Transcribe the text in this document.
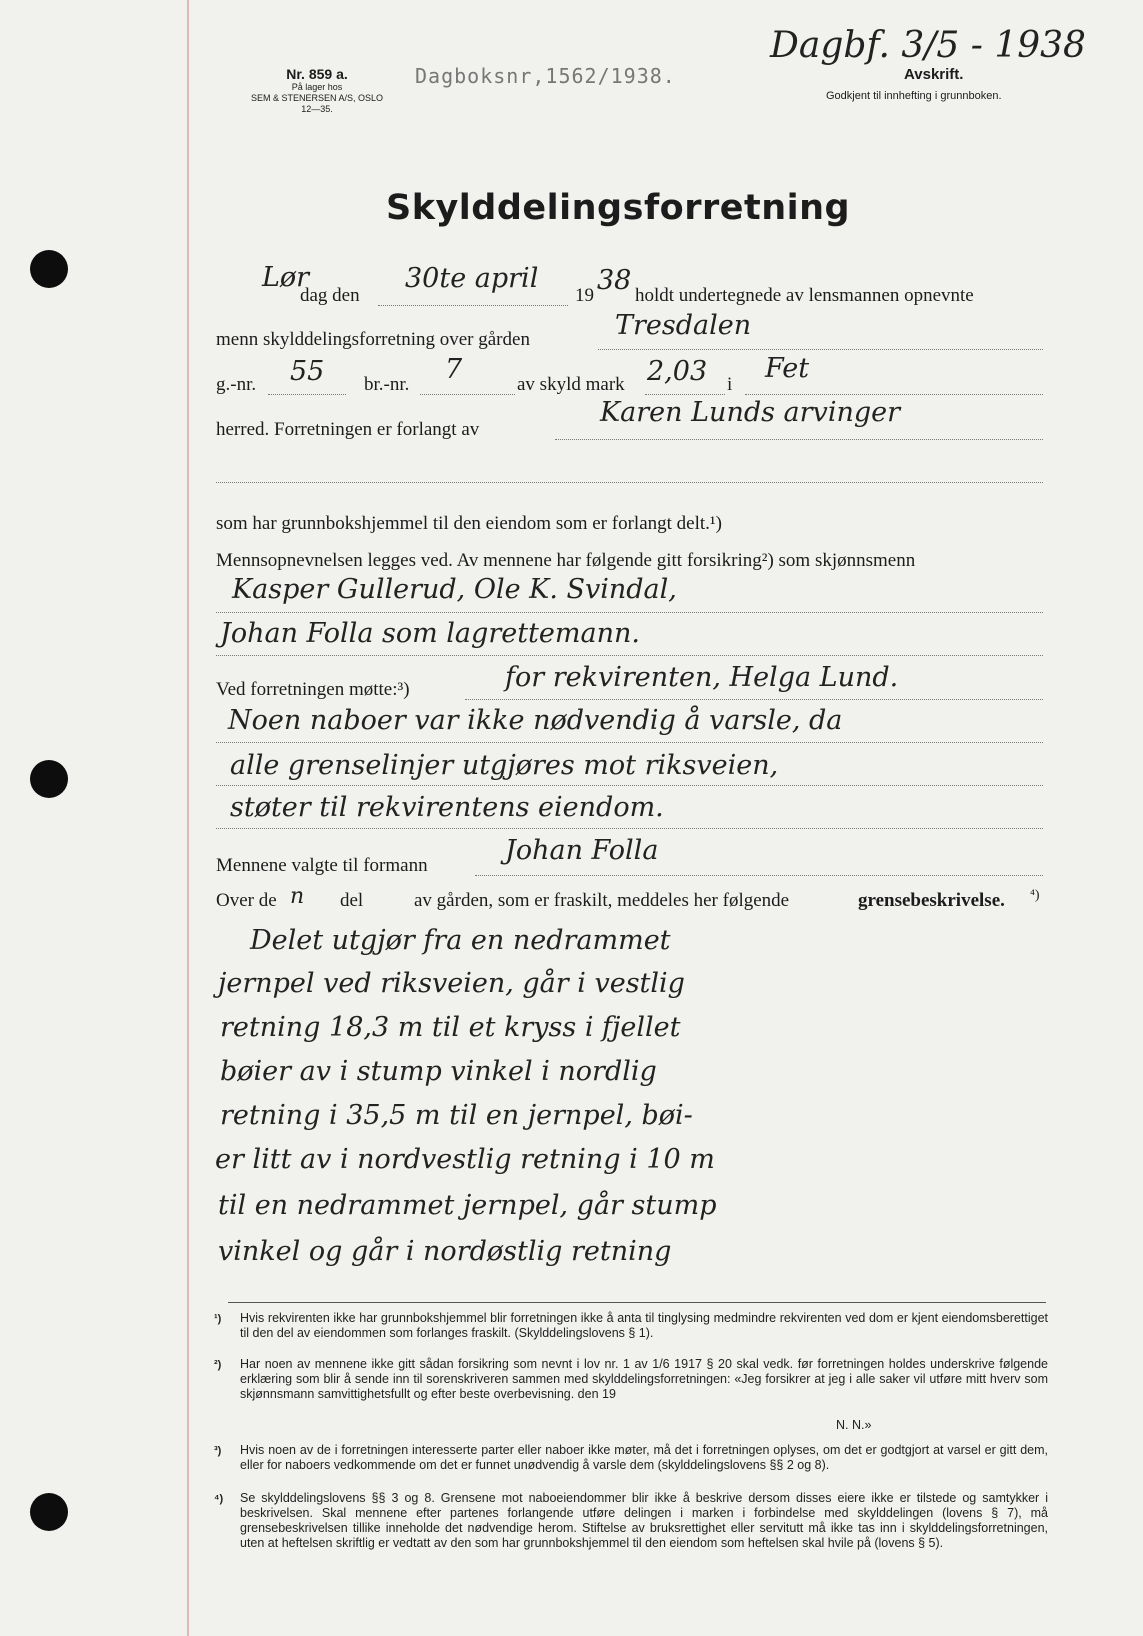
Nr. 859 a.
På lager hos
SEM & STENERSEN A/S, OSLO
12—35.
Dagboksnr,1562/1938.
Dagbf. 3/5 - 1938
Avskrift.
Godkjent til innhefting i grunnboken.
Skylddelingsforretning
Lør
dag den
30te april
19 38 holdt undertegnede av lensmannen opnevnte
menn skylddelingsforretning over gården	Tresdalen
g.-nr. 55 br.-nr. 7	av skyld mark 2,03 i
Fet
herred. Forretningen er forlangt av
Karen Lunds arvinger
som har grunnbokshjemmel til den eiendom som er forlangt delt.¹)
Mennsopnevnelsen legges ved. Av mennene har følgende gitt forsikring²) som skjønnsmenn
Kasper Gullerud, Ole K. Svindal,
Johan Folla som lagrettemann.
Ved forretningen møtte:³)	for rekvirenten, Helga Lund.
Noen naboer var ikke nødvendig å varsle, da
alle grenselinjer utgjøres mot riksveien,
støter til rekvirentens eiendom.
Mennene valgte til formann	Johan Folla
Over de n del	av gården, som er fraskilt, meddeles her følgende	grensebeskrivelse. ⁴)
Delet utgjør fra en nedrammet
jernpel ved riksveien, går i vestlig
retning 18,3 m til et kryss i fjellet
bøier av i stump vinkel i nordlig
retning i 35,5 m til en jernpel, bøi-
er litt av i nordvestlig retning i 10 m
til en nedrammet jernpel, går stump
vinkel og går i nordøstlig retning
¹) Hvis rekvirenten ikke har grunnbokshjemmel blir forretningen ikke å anta til tinglysing medmindre rekvirenten ved dom er kjent eiendomsberettiget til den del av eiendommen som forlanges fraskilt. (Skylddelingslovens § 1).
²) Har noen av mennene ikke gitt sådan forsikring som nevnt i lov nr. 1 av 1/6 1917 § 20 skal vedk. før forretningen holdes underskrive følgende erklæring som blir å sende inn til sorenskriveren sammen med skylddelingsforretningen: «Jeg forsikrer at jeg i alle saker vil utføre mitt hverv som skjønnsmann samvittighetsfullt og efter beste overbevisning. den 19
N. N.»
³) Hvis noen av de i forretningen interesserte parter eller naboer ikke møter, må det i forretningen oplyses, om det er godtgjort at varsel er gitt dem, eller for naboers vedkommende om det er funnet unødvendig å varsle dem (skylddelingslovens §§ 2 og 8).
⁴) Se skylddelingslovens §§ 3 og 8. Grensene mot naboeiendommer blir ikke å beskrive dersom disses eiere ikke er tilstede og samtykker i beskrivelsen. Skal mennene efter partenes forlangende utføre delingen i marken i forbindelse med skylddelingen (lovens § 7), må grensebeskrivelsen tillike inneholde det nødvendige herom. Stiftelse av bruksrettighet eller servitutt må ikke tas inn i skylddelingsforretningen, uten at heftelsen skriftlig er vedtatt av den som har grunnbokshjemmel til den eiendom som heftelsen skal hvile på (lovens § 5).
